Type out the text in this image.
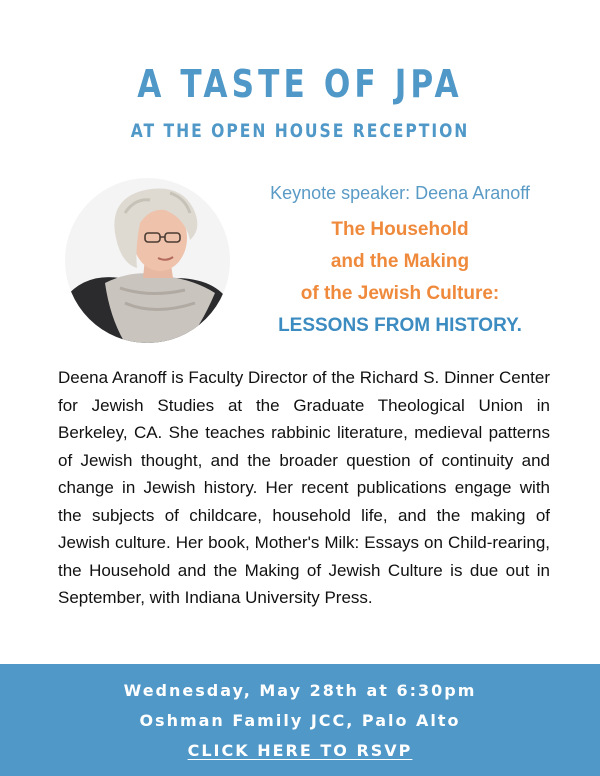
A TASTE OF JPA
AT THE OPEN HOUSE RECEPTION
Keynote speaker: Deena Aranoff
The Household
and the Making
of the Jewish Culture:
LESSONS FROM HISTORY.

Deena Aranoff is Faculty Director of the Richard S. Dinner Center for Jewish Studies at the Graduate Theological Union in Berkeley, CA. She teaches rabbinic literature, medieval patterns of Jewish thought, and the broader question of continuity and change in Jewish history. Her recent publications engage with the subjects of childcare, household life, and the making of Jewish culture. Her book, Mother's Milk: Essays on Child-rearing, the Household and the Making of Jewish Culture is due out in September, with Indiana University Press.

Wednesday, May 28th at 6:30pm
Oshman Family JCC, Palo Alto
CLICK HERE TO RSVP
